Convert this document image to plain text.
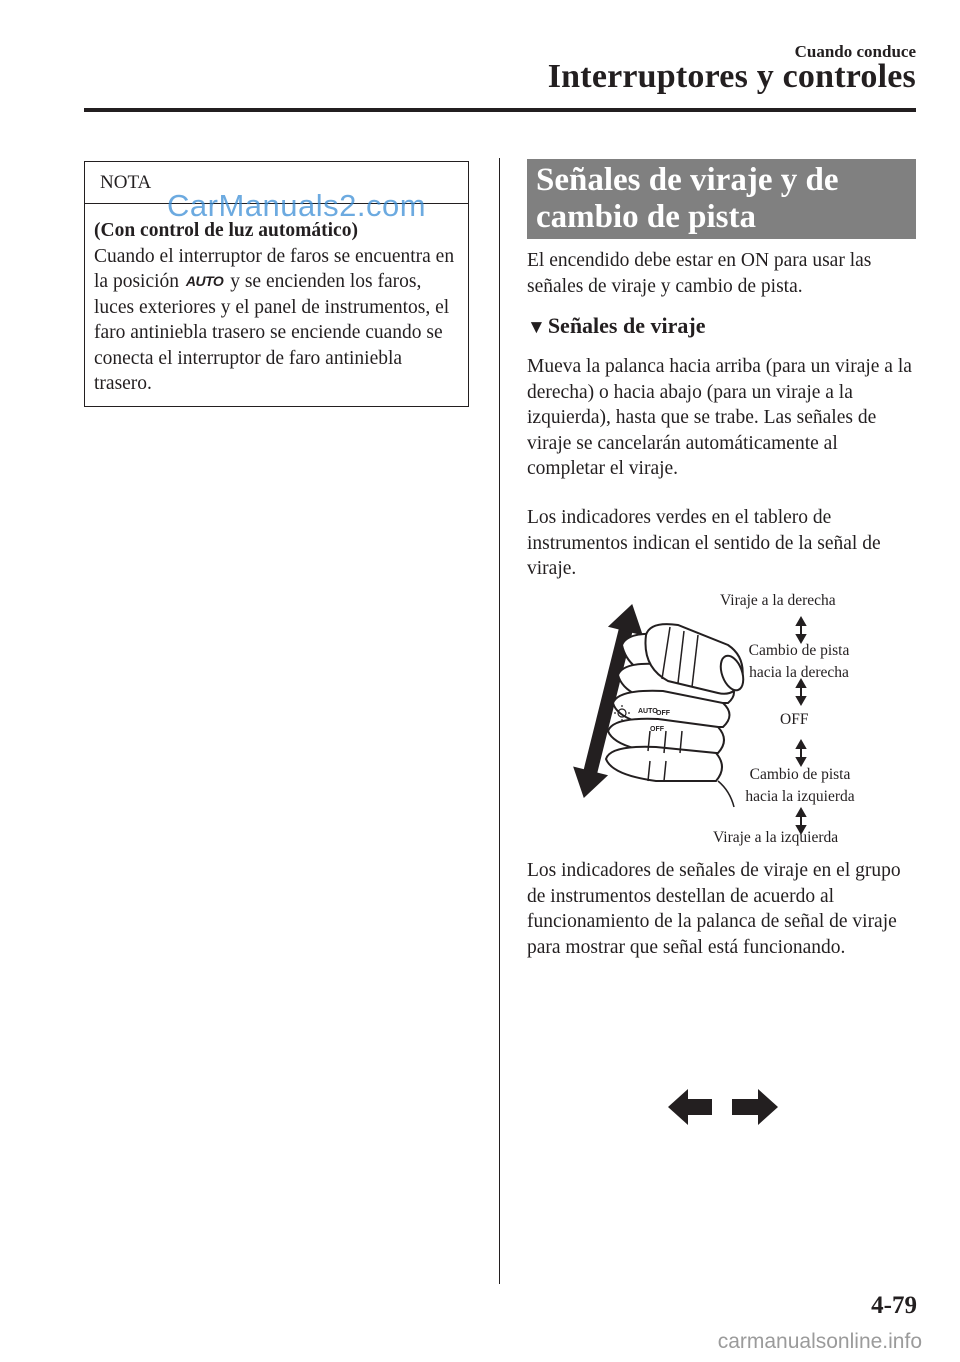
Cuando conduce
Interruptores y controles
NOTA
CarManuals2.com
(Con control de luz automático)
Cuando el interruptor de faros se encuentra en la posición AUTO y se encienden los faros, luces exteriores y el panel de instrumentos, el faro antiniebla trasero se enciende cuando se conecta el interruptor de faro antiniebla trasero.
Señales de viraje y de cambio de pista
El encendido debe estar en ON para usar las señales de viraje y cambio de pista.
▼Señales de viraje
Mueva la palanca hacia arriba (para un viraje a la derecha) o hacia abajo (para un viraje a la izquierda), hasta que se trabe. Las señales de viraje se cancelarán automáticamente al completar el viraje.
Los indicadores verdes en el tablero de instrumentos indican el sentido de la señal de viraje.
AUTO
OFF
OFF
Viraje a la derecha
Cambio de pista
hacia la derecha
OFF
Cambio de pista
hacia la izquierda
Viraje a la izquierda
Los indicadores de señales de viraje en el grupo de instrumentos destellan de acuerdo al funcionamiento de la palanca de señal de viraje para mostrar que señal está funcionando.
4-79
carmanualsonline.info
